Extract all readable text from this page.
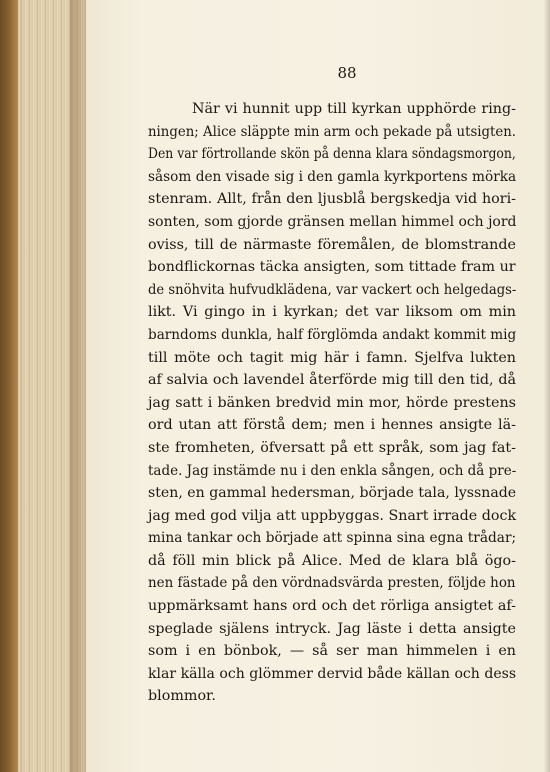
88
När vi hunnit upp till kyrkan upphörde ring-
ningen; Alice släppte min arm och pekade på utsigten.
Den var förtrollande skön på denna klara söndagsmorgon,
såsom den visade sig i den gamla kyrkportens mörka
stenram. Allt, från den ljusblå bergskedja vid hori-
sonten, som gjorde gränsen mellan himmel och jord
oviss, till de närmaste föremålen, de blomstrande
bondflickornas täcka ansigten, som tittade fram ur
de snöhvita hufvudklädena, var vackert och helgedags-
likt. Vi gingo in i kyrkan; det var liksom om min
barndoms dunkla, half förglömda andakt kommit mig
till möte och tagit mig här i famn. Sjelfva lukten
af salvia och lavendel återförde mig till den tid, då
jag satt i bänken bredvid min mor, hörde prestens
ord utan att förstå dem; men i hennes ansigte lä-
ste fromheten, öfversatt på ett språk, som jag fat-
tade. Jag instämde nu i den enkla sången, och då pre-
sten, en gammal hedersman, började tala, lyssnade
jag med god vilja att uppbyggas. Snart irrade dock
mina tankar och började att spinna sina egna trådar;
då föll min blick på Alice. Med de klara blå ögo-
nen fästade på den vördnadsvärda presten, följde hon
uppmärksamt hans ord och det rörliga ansigtet af-
speglade själens intryck. Jag läste i detta ansigte
som i en bönbok, — så ser man himmelen i en
klar källa och glömmer dervid både källan och dess
blommor.
